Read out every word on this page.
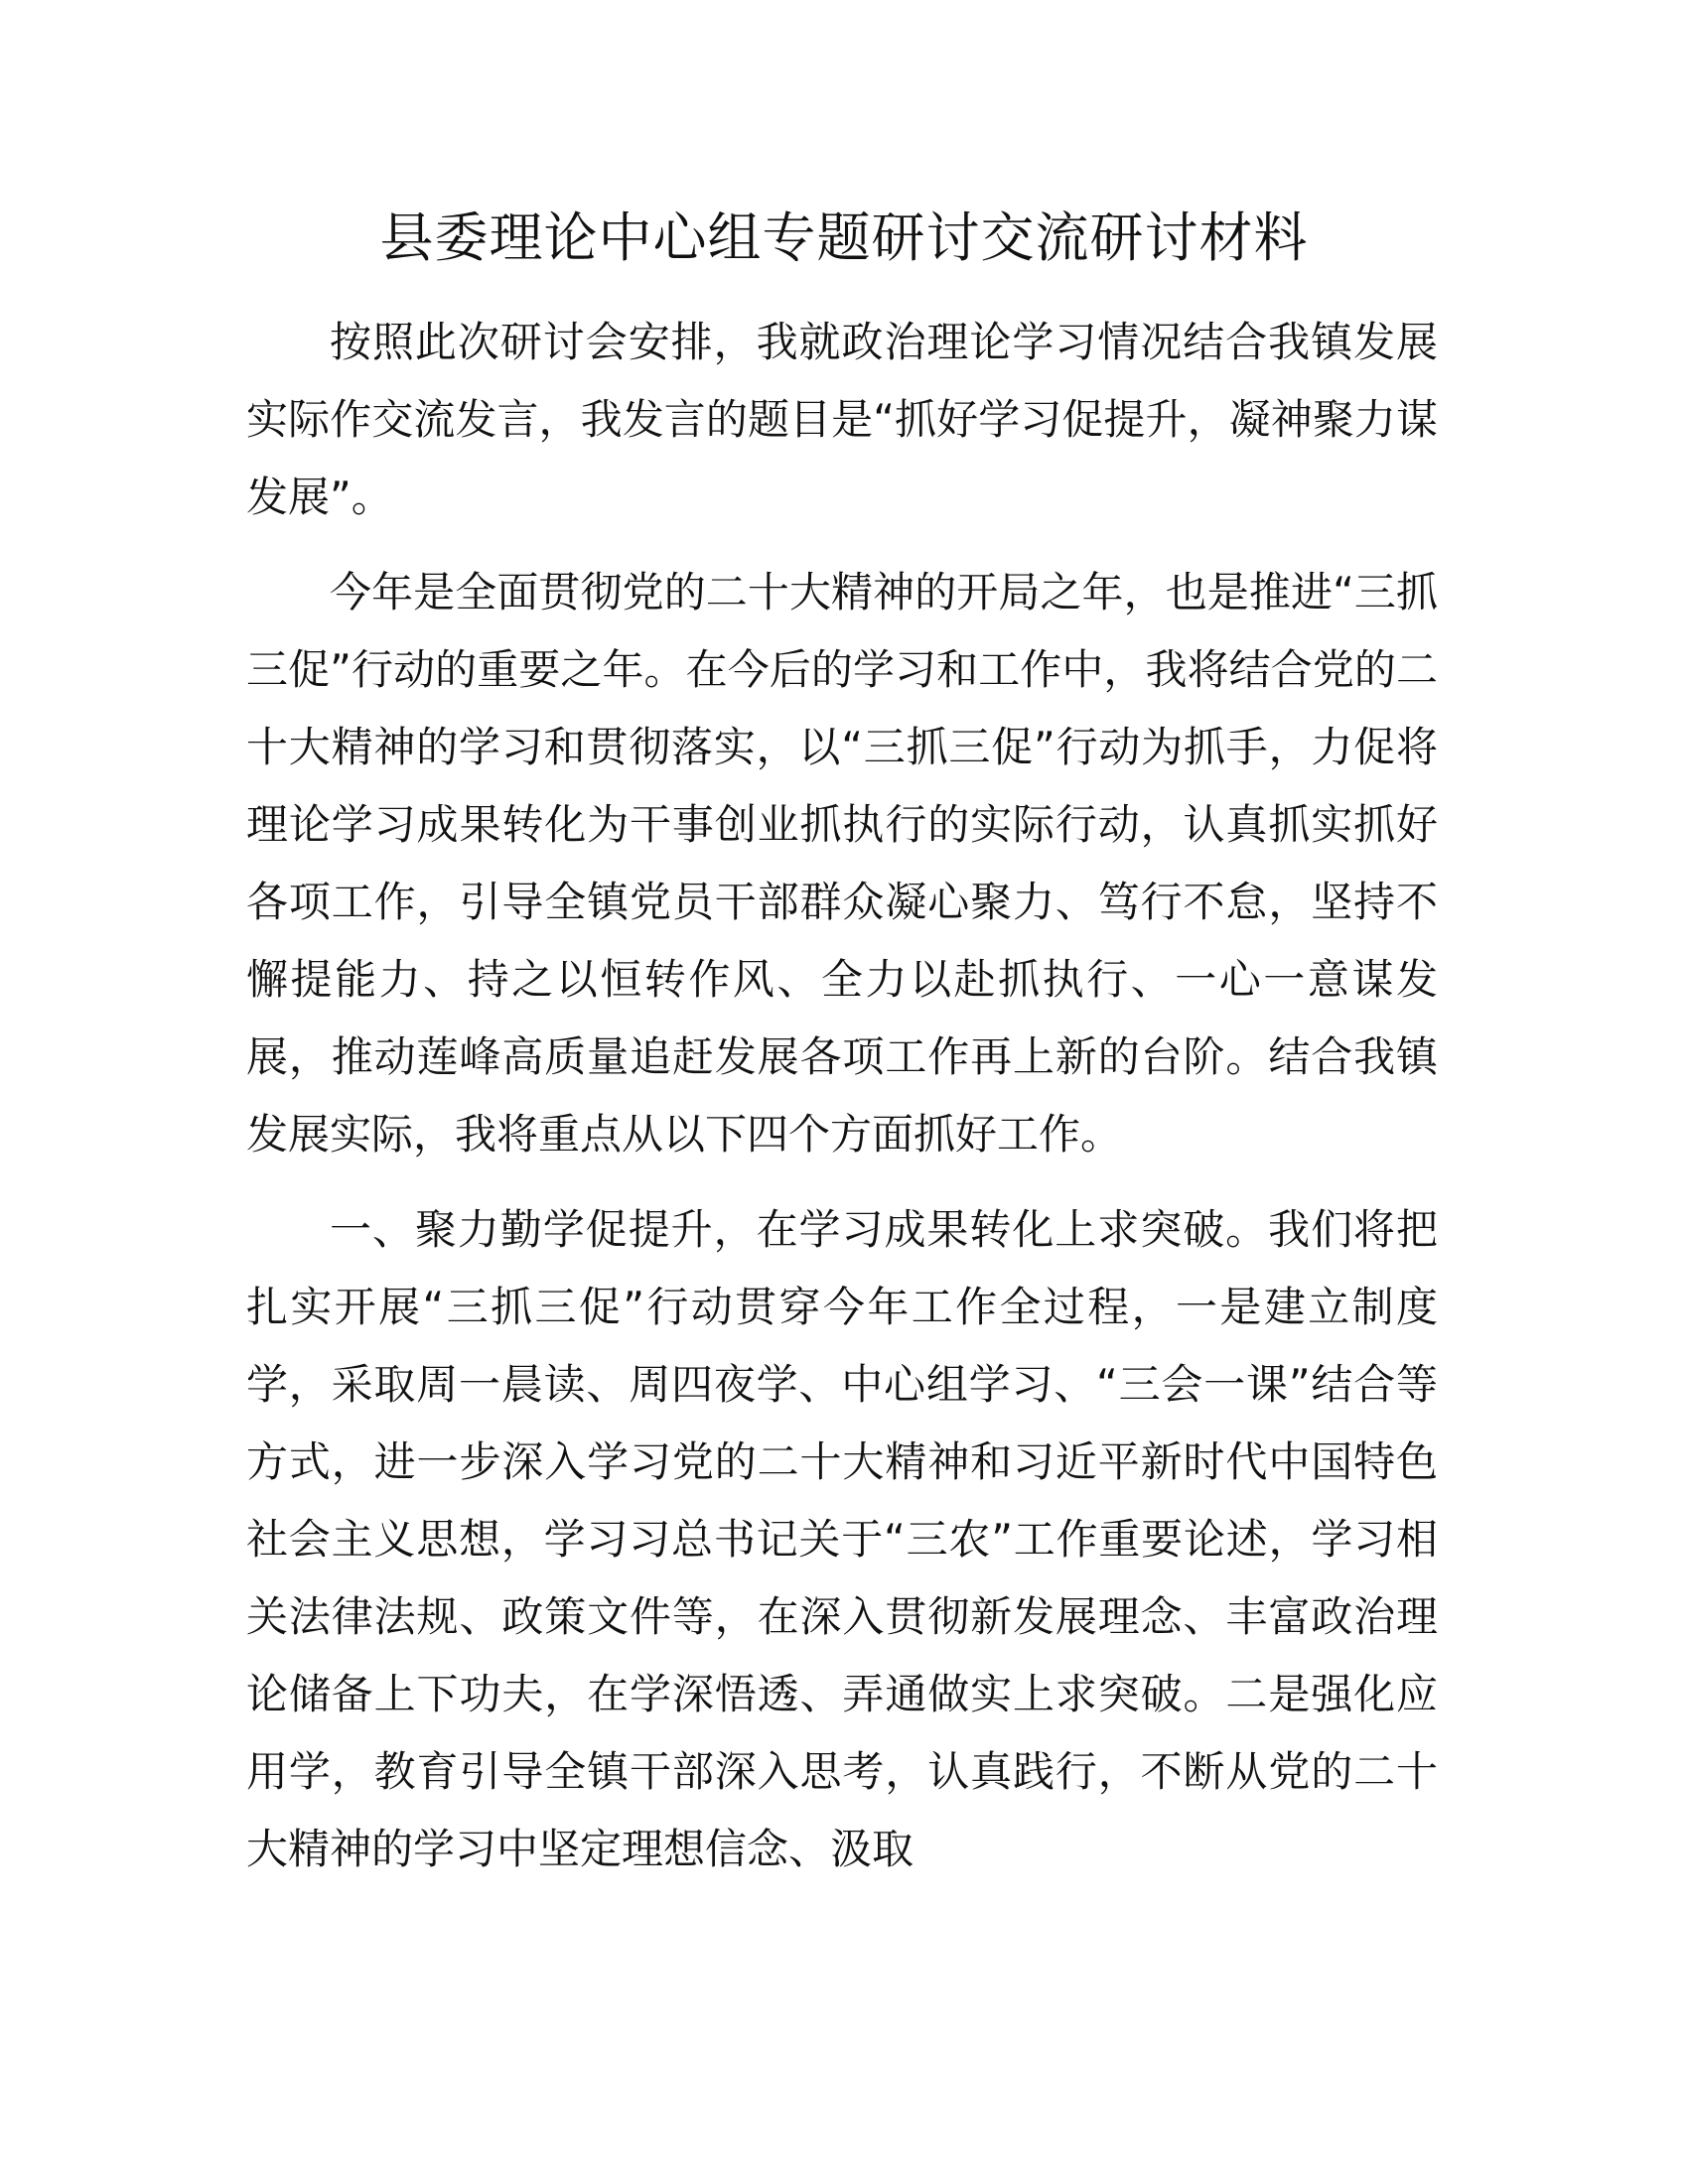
县委理论中心组专题研讨交流研讨材料

按照此次研讨会安排，我就政治理论学习情况结合我镇发展实际作交流发言，我发言的题目是“抓好学习促提升，凝神聚力谋发展”。

今年是全面贯彻党的二十大精神的开局之年，也是推进“三抓三促”行动的重要之年。在今后的学习和工作中，我将结合党的二十大精神的学习和贯彻落实，以“三抓三促”行动为抓手，力促将理论学习成果转化为干事创业抓执行的实际行动，认真抓实抓好各项工作，引导全镇党员干部群众凝心聚力、笃行不怠，坚持不懈提能力、持之以恒转作风、全力以赴抓执行、一心一意谋发展，推动莲峰高质量追赶发展各项工作再上新的台阶。结合我镇发展实际，我将重点从以下四个方面抓好工作。

一、聚力勤学促提升，在学习成果转化上求突破。我们将把扎实开展“三抓三促”行动贯穿今年工作全过程，一是建立制度学，采取周一晨读、周四夜学、中心组学习、“三会一课”结合等方式，进一步深入学习党的二十大精神和习近平新时代中国特色社会主义思想，学习习总书记关于“三农”工作重要论述，学习相关法律法规、政策文件等，在深入贯彻新发展理念、丰富政治理论储备上下功夫，在学深悟透、弄通做实上求突破。二是强化应用学，教育引导全镇干部深入思考，认真践行，不断从党的二十大精神的学习中坚定理想信念、汲取
